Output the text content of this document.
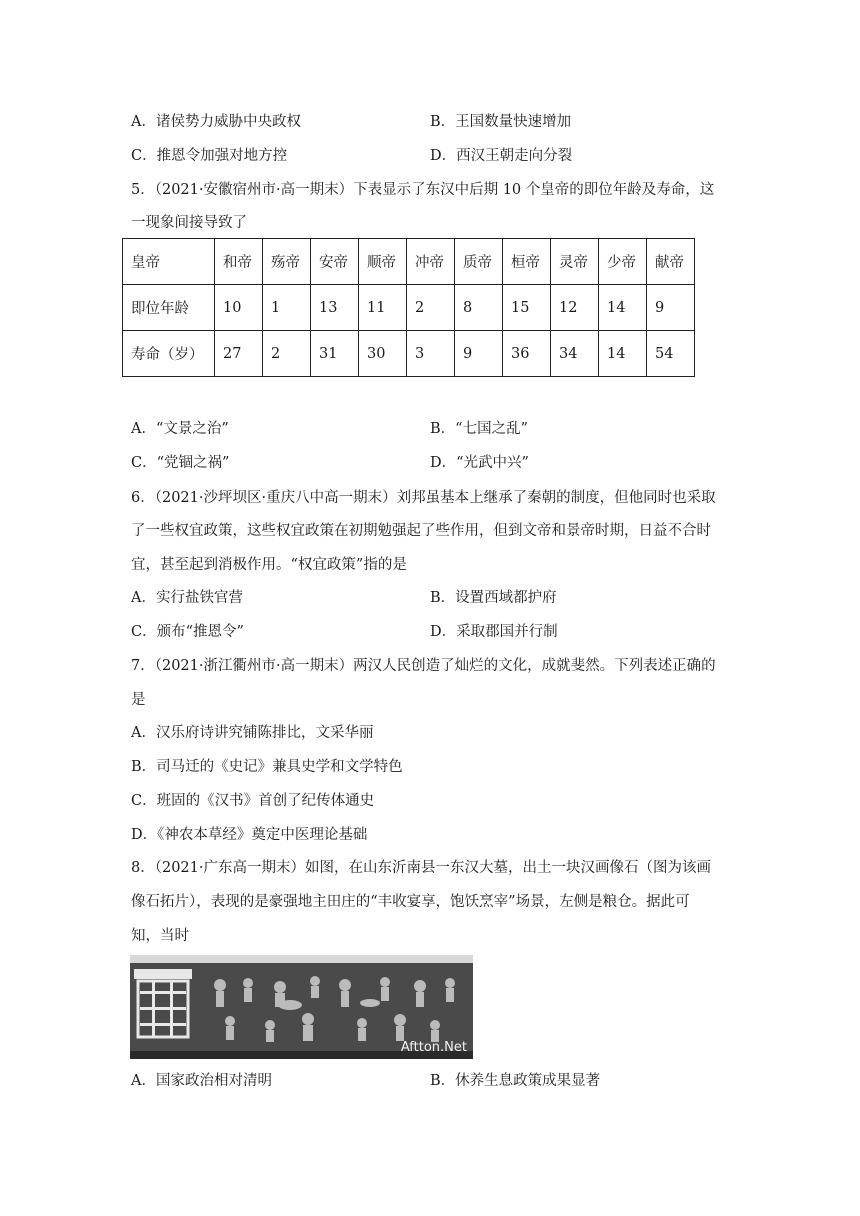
A．诸侯势力威胁中央政权	B．王国数量快速增加
C．推恩令加强对地方控	D．西汉王朝走向分裂
5．（2021·安徽宿州市·高一期末）下表显示了东汉中后期 10 个皇帝的即位年龄及寿命，这
一现象间接导致了
皇帝	和帝	殇帝	安帝	顺帝	冲帝	质帝	桓帝	灵帝	少帝	献帝
即位年龄	10	1	13	11	2	8	15	12	14	9
寿命（岁）	27	2	31	30	3	9	36	34	14	54
A．“文景之治”	B．“七国之乱”
C．“党锢之祸”	D．“光武中兴”
6．（2021·沙坪坝区·重庆八中高一期末）刘邦虽基本上继承了秦朝的制度，但他同时也采取
了一些权宜政策，这些权宜政策在初期勉强起了些作用，但到文帝和景帝时期，日益不合时
宜，甚至起到消极作用。“权宜政策”指的是
A．实行盐铁官营	B．设置西域都护府
C．颁布“推恩令”	D．采取郡国并行制
7．（2021·浙江衢州市·高一期末）两汉人民创造了灿烂的文化，成就斐然。下列表述正确的
是
A．汉乐府诗讲究铺陈排比，文采华丽
B．司马迁的《史记》兼具史学和文学特色
C．班固的《汉书》首创了纪传体通史
D．《神农本草经》奠定中医理论基础
8．（2021·广东高一期末）如图，在山东沂南县一东汉大墓，出土一块汉画像石（图为该画
像石拓片），表现的是豪强地主田庄的“丰收宴享，饱饫烹宰”场景，左侧是粮仓。据此可
知，当时
Aftton.Net
A．国家政治相对清明	B．休养生息政策成果显著
